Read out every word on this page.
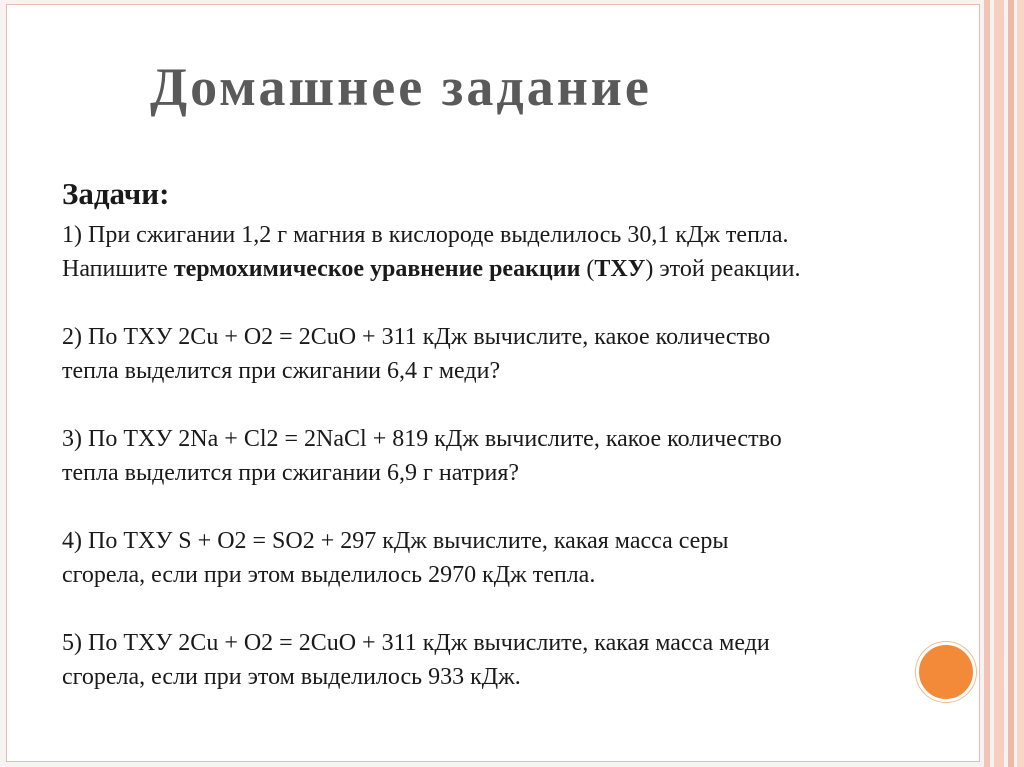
Домашнее задание
Задачи:
1) При сжигании 1,2 г магния в кислороде выделилось 30,1 кДж тепла.
Напишите термохимическое уравнение реакции (ТХУ) этой реакции.
2) По ТХУ 2Cu + O2 = 2CuO + 311 кДж вычислите, какое количество
тепла выделится при сжигании 6,4 г меди?
3) По ТХУ 2Na + Cl2 = 2NaCl + 819 кДж вычислите, какое количество
тепла выделится при сжигании 6,9 г натрия?
4) По ТХУ S + O2 = SO2 + 297 кДж вычислите, какая масса серы
сгорела, если при этом выделилось 2970 кДж тепла.
5) По ТХУ 2Cu + O2 = 2CuO + 311 кДж вычислите, какая масса меди
сгорела, если при этом выделилось 933 кДж.
